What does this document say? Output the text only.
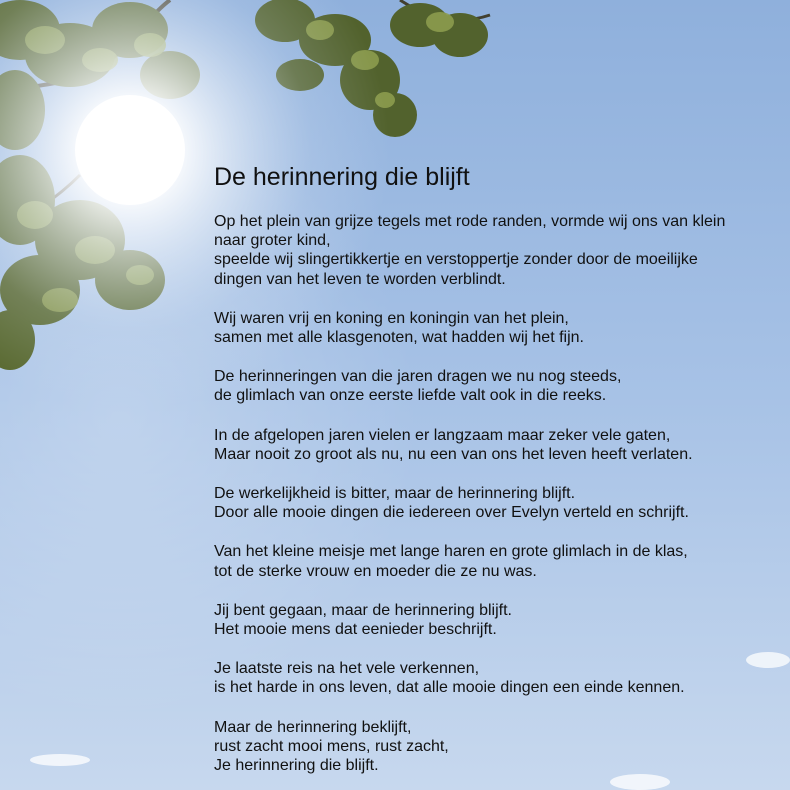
De herinnering die blijft
Op het plein van grijze tegels met rode randen, vormde wij ons van klein
naar groter kind,
speelde wij slingertikkertje en verstoppertje zonder door de moeilijke
dingen van het leven te worden verblindt.
Wij waren vrij en koning en koningin van het plein,
samen met alle klasgenoten, wat hadden wij het fijn.
De herinneringen van die jaren dragen we nu nog steeds,
de glimlach van onze eerste liefde valt ook in die reeks.
In de afgelopen jaren vielen er langzaam maar zeker vele gaten,
Maar nooit zo groot als nu, nu een van ons het leven heeft verlaten.
De werkelijkheid is bitter, maar de herinnering blijft.
Door alle mooie dingen die iedereen over Evelyn verteld en schrijft.
Van het kleine meisje met lange haren en grote glimlach in de klas,
tot de sterke vrouw en moeder die ze nu was.
Jij bent gegaan, maar de herinnering blijft.
Het mooie mens dat eenieder beschrijft.
Je laatste reis na het vele verkennen,
is het harde in ons leven, dat alle mooie dingen een einde kennen.
Maar de herinnering beklijft,
rust zacht mooi mens, rust zacht,
Je herinnering die blijft.
